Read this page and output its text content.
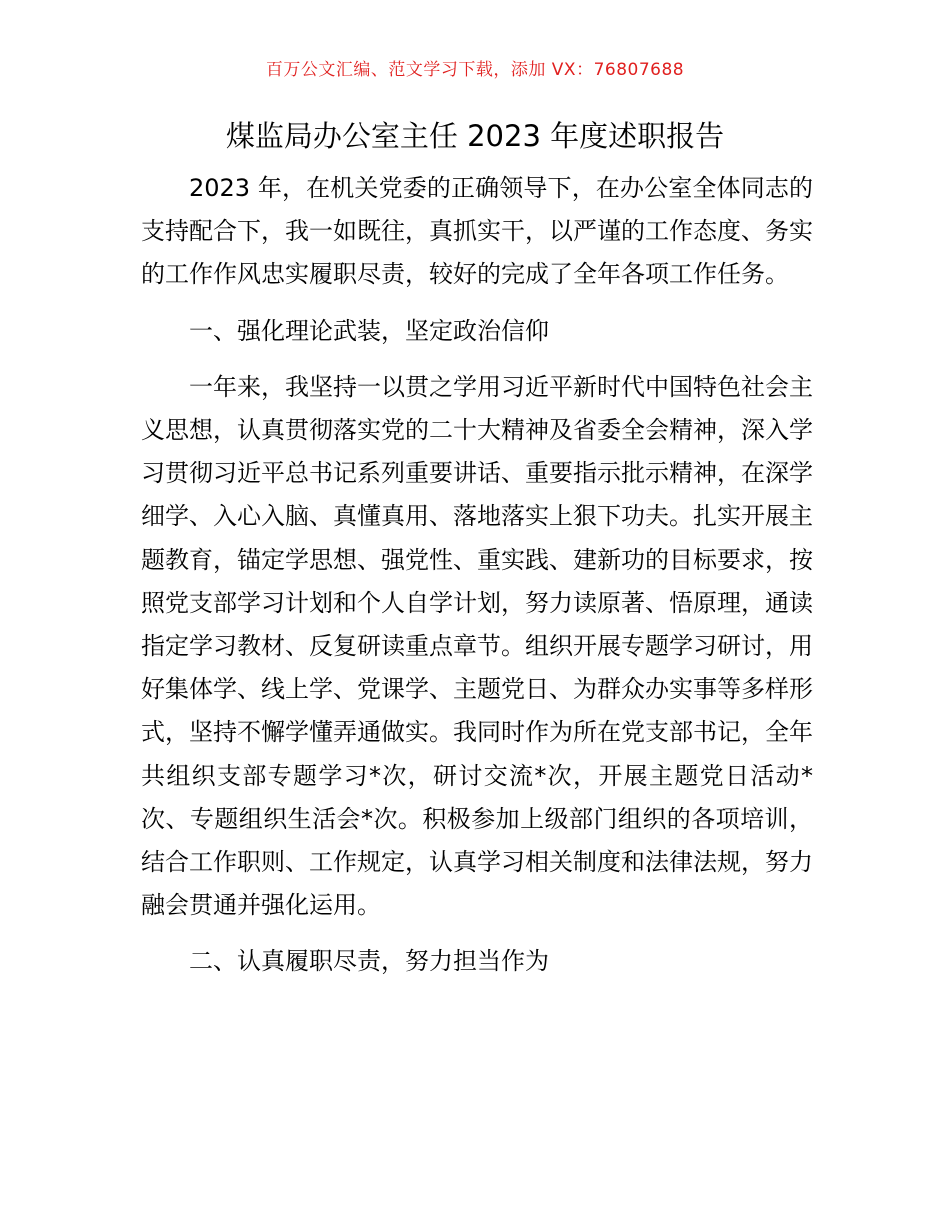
百万公文汇编、范文学习下载，添加 VX：76807688
煤监局办公室主任 2023 年度述职报告

2023 年，在机关党委的正确领导下，在办公室全体同志的支持配合下，我一如既往，真抓实干，以严谨的工作态度、务实的工作作风忠实履职尽责，较好的完成了全年各项工作任务。

一、强化理论武装，坚定政治信仰

一年来，我坚持一以贯之学用习近平新时代中国特色社会主义思想，认真贯彻落实党的二十大精神及省委全会精神，深入学习贯彻习近平总书记系列重要讲话、重要指示批示精神，在深学细学、入心入脑、真懂真用、落地落实上狠下功夫。扎实开展主题教育，锚定学思想、强党性、重实践、建新功的目标要求，按照党支部学习计划和个人自学计划，努力读原著、悟原理，通读指定学习教材、反复研读重点章节。组织开展专题学习研讨，用好集体学、线上学、党课学、主题党日、为群众办实事等多样形式，坚持不懈学懂弄通做实。我同时作为所在党支部书记，全年共组织支部专题学习*次，研讨交流*次，开展主题党日活动*次、专题组织生活会*次。积极参加上级部门组织的各项培训，结合工作职则、工作规定，认真学习相关制度和法律法规，努力融会贯通并强化运用。

二、认真履职尽责，努力担当作为
